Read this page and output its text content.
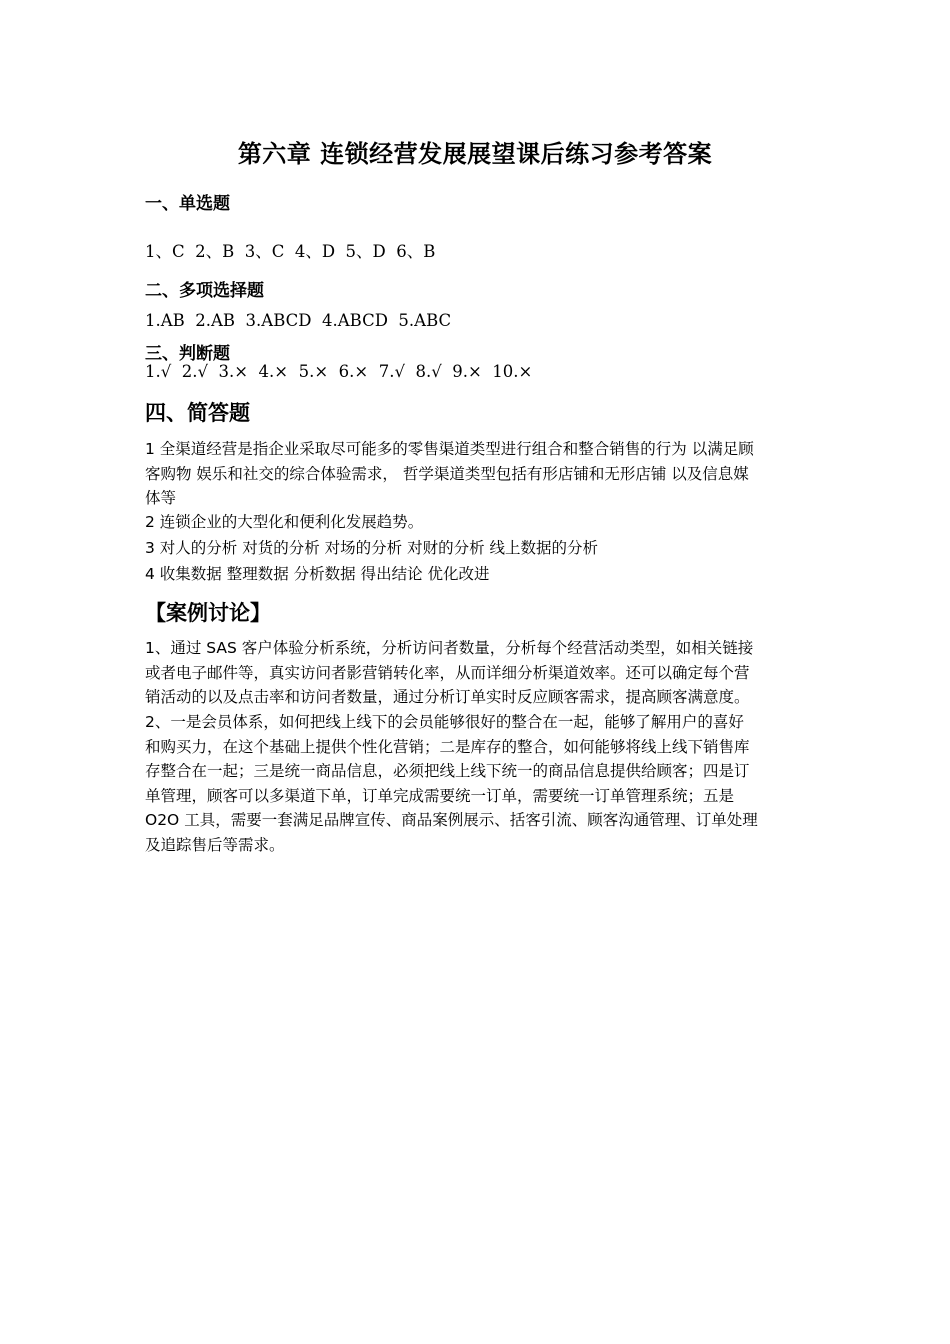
第六章 连锁经营发展展望课后练习参考答案
一、单选题
1、C  2、B  3、C  4、D  5、D  6、B
二、多项选择题
1.AB  2.AB  3.ABCD  4.ABCD  5.ABC
三、判断题
1.√  2.√  3.×  4.×  5.×  6.×  7.√  8.√  9.×  10.×
四、简答题
1 全渠道经营是指企业采取尽可能多的零售渠道类型进行组合和整合销售的行为 以满足顾
客购物 娱乐和社交的综合体验需求， 哲学渠道类型包括有形店铺和无形店铺 以及信息媒
体等
2 连锁企业的大型化和便利化发展趋势。
3 对人的分析 对货的分析 对场的分析 对财的分析 线上数据的分析
4 收集数据 整理数据 分析数据 得出结论 优化改进
【案例讨论】
1、通过 SAS 客户体验分析系统，分析访问者数量，分析每个经营活动类型，如相关链接
或者电子邮件等，真实访问者影营销转化率，从而详细分析渠道效率。还可以确定每个营
销活动的以及点击率和访问者数量，通过分析订单实时反应顾客需求，提高顾客满意度。
2、一是会员体系，如何把线上线下的会员能够很好的整合在一起，能够了解用户的喜好
和购买力，在这个基础上提供个性化营销；二是库存的整合，如何能够将线上线下销售库
存整合在一起；三是统一商品信息，必须把线上线下统一的商品信息提供给顾客；四是订
单管理，顾客可以多渠道下单，订单完成需要统一订单，需要统一订单管理系统；五是
O2O 工具，需要一套满足品牌宣传、商品案例展示、括客引流、顾客沟通管理、订单处理
及追踪售后等需求。
